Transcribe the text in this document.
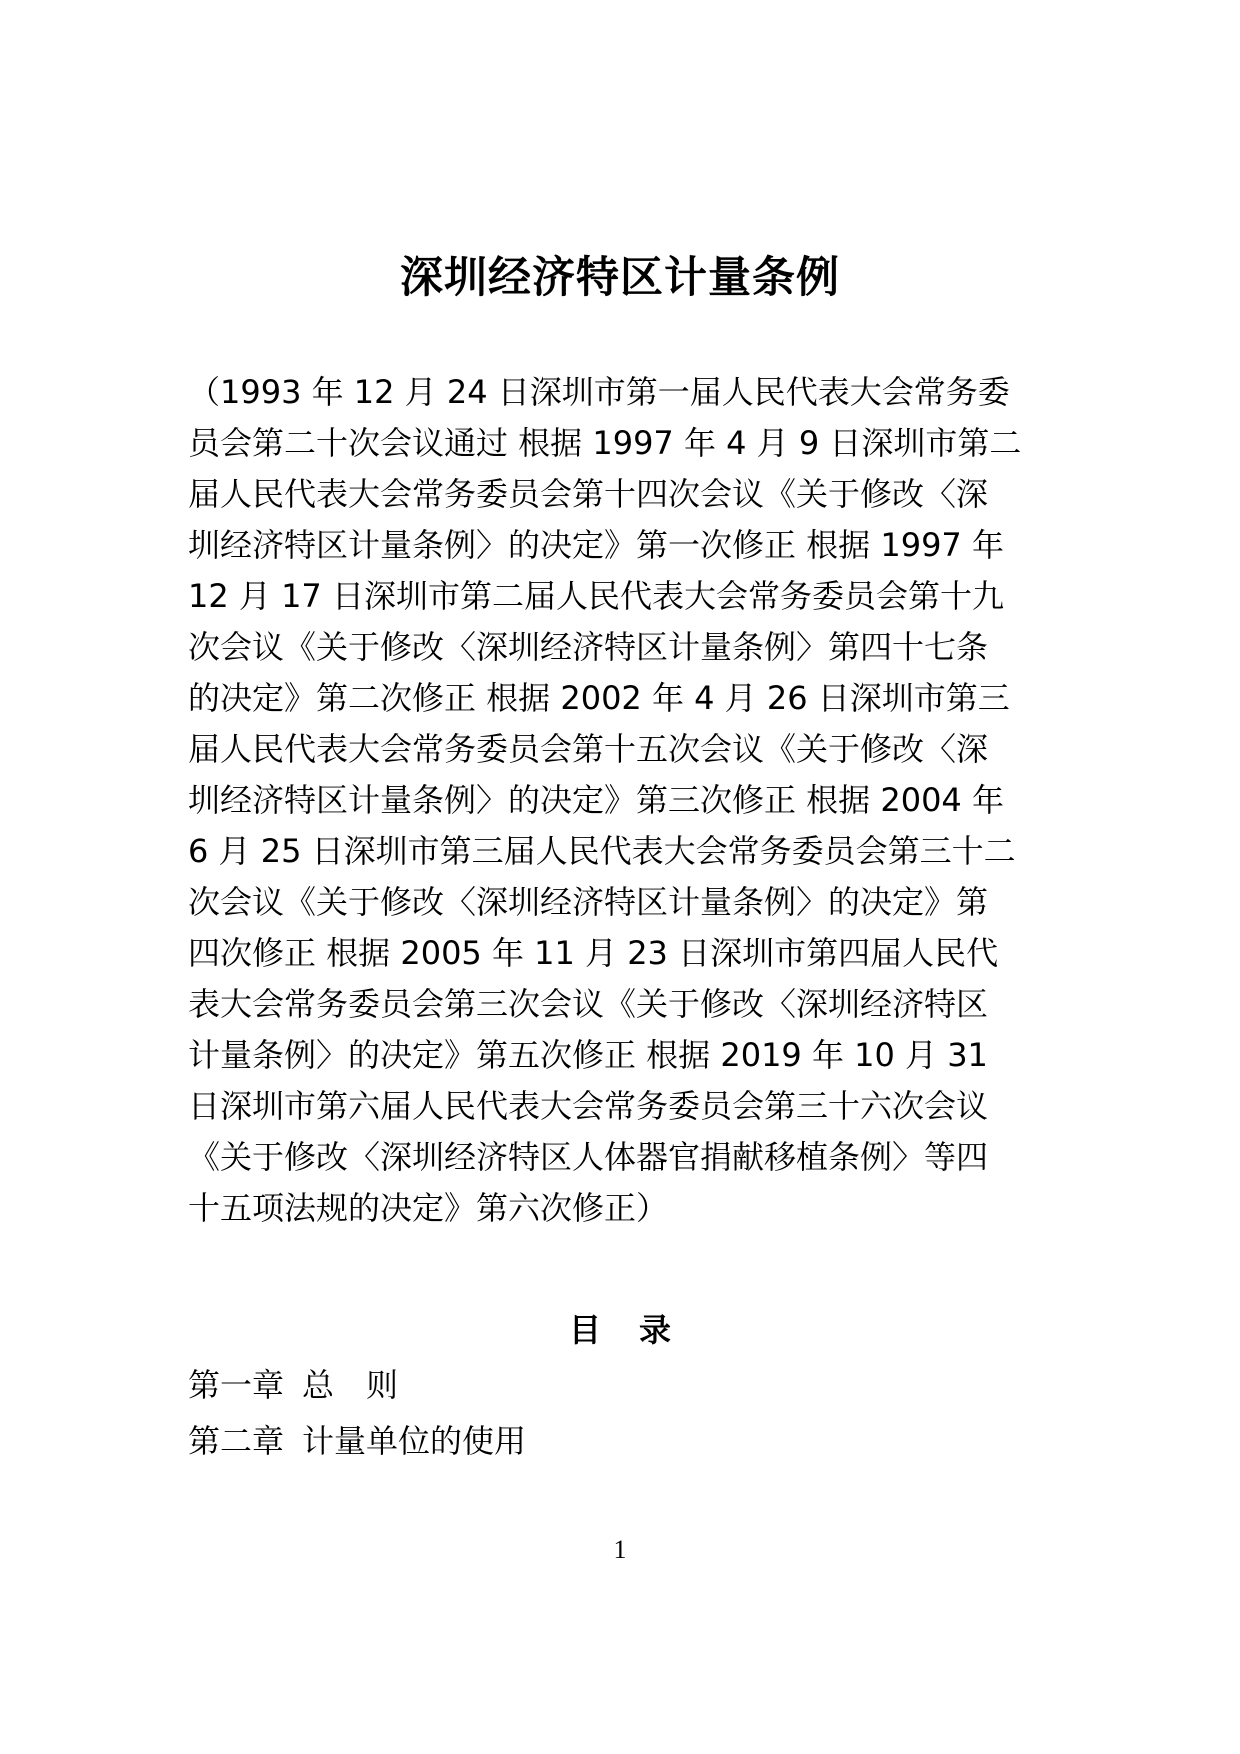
深圳经济特区计量条例

（1993 年 12 月 24 日深圳市第一届人民代表大会常务委
员会第二十次会议通过 根据 1997 年 4 月 9 日深圳市第二
届人民代表大会常务委员会第十四次会议《关于修改〈深
圳经济特区计量条例〉的决定》第一次修正 根据 1997 年
12 月 17 日深圳市第二届人民代表大会常务委员会第十九
次会议《关于修改〈深圳经济特区计量条例〉第四十七条
的决定》第二次修正 根据 2002 年 4 月 26 日深圳市第三
届人民代表大会常务委员会第十五次会议《关于修改〈深
圳经济特区计量条例〉的决定》第三次修正 根据 2004 年
6 月 25 日深圳市第三届人民代表大会常务委员会第三十二
次会议《关于修改〈深圳经济特区计量条例〉的决定》第
四次修正 根据 2005 年 11 月 23 日深圳市第四届人民代
表大会常务委员会第三次会议《关于修改〈深圳经济特区
计量条例〉的决定》第五次修正 根据 2019 年 10 月 31
日深圳市第六届人民代表大会常务委员会第三十六次会议
《关于修改〈深圳经济特区人体器官捐献移植条例〉等四
十五项法规的决定》第六次修正）

目 录
第一章 总　则
第二章 计量单位的使用
1
